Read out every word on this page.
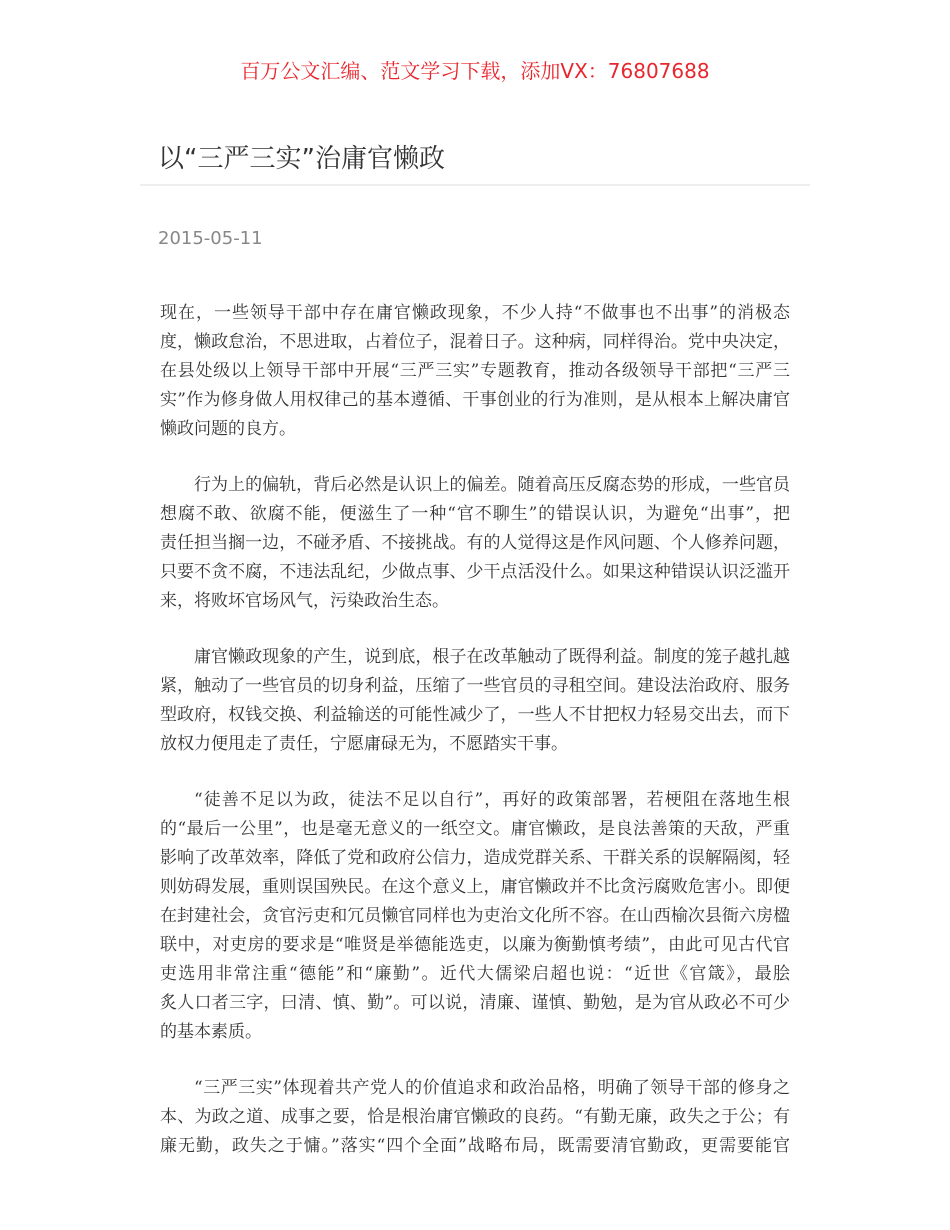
百万公文汇编、范文学习下载，添加VX：76807688
以“三严三实”治庸官懒政
2015-05-11
现在，一些领导干部中存在庸官懒政现象，不少人持“不做事也不出事”的消极态
度，懒政怠治，不思进取，占着位子，混着日子。这种病，同样得治。党中央决定，
在县处级以上领导干部中开展“三严三实”专题教育，推动各级领导干部把“三严三
实”作为修身做人用权律己的基本遵循、干事创业的行为准则，是从根本上解决庸官
懒政问题的良方。
行为上的偏轨，背后必然是认识上的偏差。随着高压反腐态势的形成，一些官员
想腐不敢、欲腐不能，便滋生了一种“官不聊生”的错误认识，为避免“出事”，把
责任担当搁一边，不碰矛盾、不接挑战。有的人觉得这是作风问题、个人修养问题，
只要不贪不腐，不违法乱纪，少做点事、少干点活没什么。如果这种错误认识泛滥开
来，将败坏官场风气，污染政治生态。
庸官懒政现象的产生，说到底，根子在改革触动了既得利益。制度的笼子越扎越
紧，触动了一些官员的切身利益，压缩了一些官员的寻租空间。建设法治政府、服务
型政府，权钱交换、利益输送的可能性减少了，一些人不甘把权力轻易交出去，而下
放权力便甩走了责任，宁愿庸碌无为，不愿踏实干事。
“徒善不足以为政，徒法不足以自行”，再好的政策部署，若梗阻在落地生根
的“最后一公里”，也是毫无意义的一纸空文。庸官懒政，是良法善策的天敌，严重
影响了改革效率，降低了党和政府公信力，造成党群关系、干群关系的误解隔阂，轻
则妨碍发展，重则误国殃民。在这个意义上，庸官懒政并不比贪污腐败危害小。即便
在封建社会，贪官污吏和冗员懒官同样也为吏治文化所不容。在山西榆次县衙六房楹
联中，对吏房的要求是“唯贤是举德能选吏，以廉为衡勤慎考绩”，由此可见古代官
吏选用非常注重“德能”和“廉勤”。近代大儒梁启超也说：“近世《官箴》，最脍
炙人口者三字，曰清、慎、勤”。可以说，清廉、谨慎、勤勉，是为官从政必不可少
的基本素质。
“三严三实”体现着共产党人的价值追求和政治品格，明确了领导干部的修身之
本、为政之道、成事之要，恰是根治庸官懒政的良药。“有勤无廉，政失之于公；有
廉无勤，政失之于慵。”落实“四个全面”战略布局，既需要清官勤政，更需要能官
